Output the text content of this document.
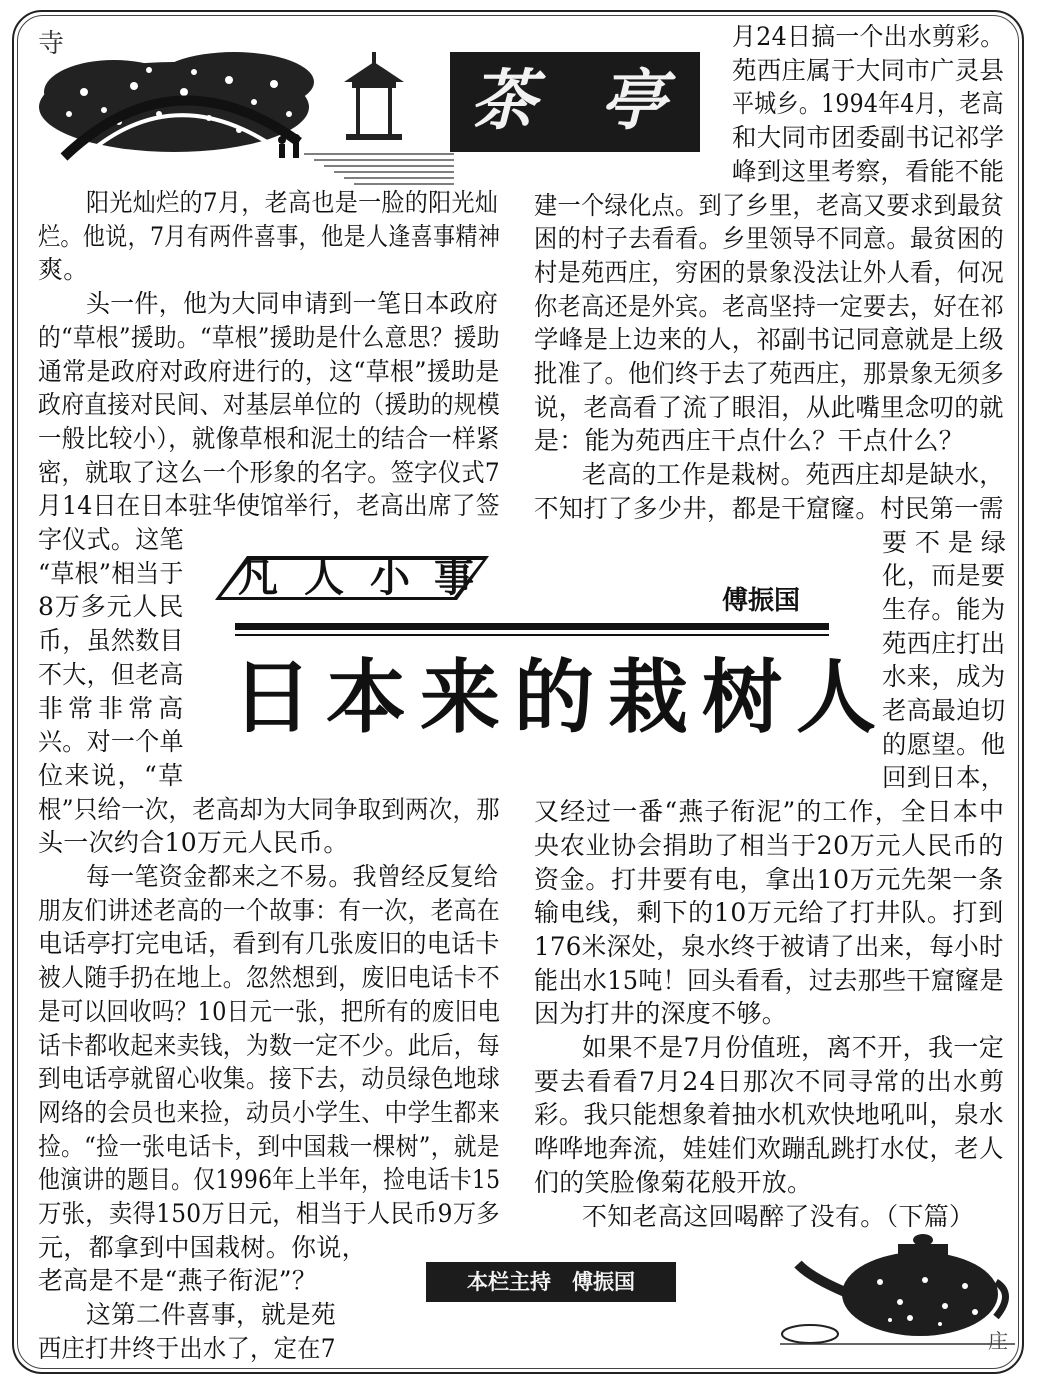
寺
茶 亭
凡 人 小 事	傅振国
日本来的栽树人
阳光灿烂的7月，老高也是一脸的阳光灿
烂。他说，7月有两件喜事，他是人逢喜事精神
爽。
头一件，他为大同申请到一笔日本政府
的“草根”援助。“草根”援助是什么意思？援助
通常是政府对政府进行的，这“草根”援助是
政府直接对民间、对基层单位的（援助的规模
一般比较小），就像草根和泥土的结合一样紧
密，就取了这么一个形象的名字。签字仪式7
月14日在日本驻华使馆举行，老高出席了签
字仪式。这笔
“草根”相当于
8万多元人民
币，虽然数目
不大，但老高
非常非常高
兴。对一个单
位来说，“草
根”只给一次，老高却为大同争取到两次，那
头一次约合10万元人民币。
每一笔资金都来之不易。我曾经反复给
朋友们讲述老高的一个故事：有一次，老高在
电话亭打完电话，看到有几张废旧的电话卡
被人随手扔在地上。忽然想到，废旧电话卡不
是可以回收吗？10日元一张，把所有的废旧电
话卡都收起来卖钱，为数一定不少。此后，每
到电话亭就留心收集。接下去，动员绿色地球
网络的会员也来捡，动员小学生、中学生都来
捡。“捡一张电话卡，到中国栽一棵树”，就是
他演讲的题目。仅1996年上半年，捡电话卡15
万张，卖得150万日元，相当于人民币9万多
元，都拿到中国栽树。你说，
老高是不是“燕子衔泥”？
这第二件喜事，就是苑
西庄打井终于出水了，定在7
月24日搞一个出水剪彩。
苑西庄属于大同市广灵县
平城乡。1994年4月，老高
和大同市团委副书记祁学
峰到这里考察，看能不能
建一个绿化点。到了乡里，老高又要求到最贫
困的村子去看看。乡里领导不同意。最贫困的
村是苑西庄，穷困的景象没法让外人看，何况
你老高还是外宾。老高坚持一定要去，好在祁
学峰是上边来的人，祁副书记同意就是上级
批准了。他们终于去了苑西庄，那景象无须多
说，老高看了流了眼泪，从此嘴里念叨的就
是：能为苑西庄干点什么？干点什么？
老高的工作是栽树。苑西庄却是缺水，
不知打了多少井，都是干窟窿。村民第一需
要不是绿
化，而是要
生存。能为
苑西庄打出
水来，成为
老高最迫切
的愿望。他
回到日本，
又经过一番“燕子衔泥”的工作，全日本中
央农业协会捐助了相当于20万元人民币的
资金。打井要有电，拿出10万元先架一条
输电线，剩下的10万元给了打井队。打到
176米深处，泉水终于被请了出来，每小时
能出水15吨！回头看看，过去那些干窟窿是
因为打井的深度不够。
如果不是7月份值班，离不开，我一定
要去看看7月24日那次不同寻常的出水剪
彩。我只能想象着抽水机欢快地吼叫，泉水
哗哗地奔流，娃娃们欢蹦乱跳打水仗，老人
们的笑脸像菊花般开放。
不知老高这回喝醉了没有。（下篇）
本栏主持　傅振国
庄
